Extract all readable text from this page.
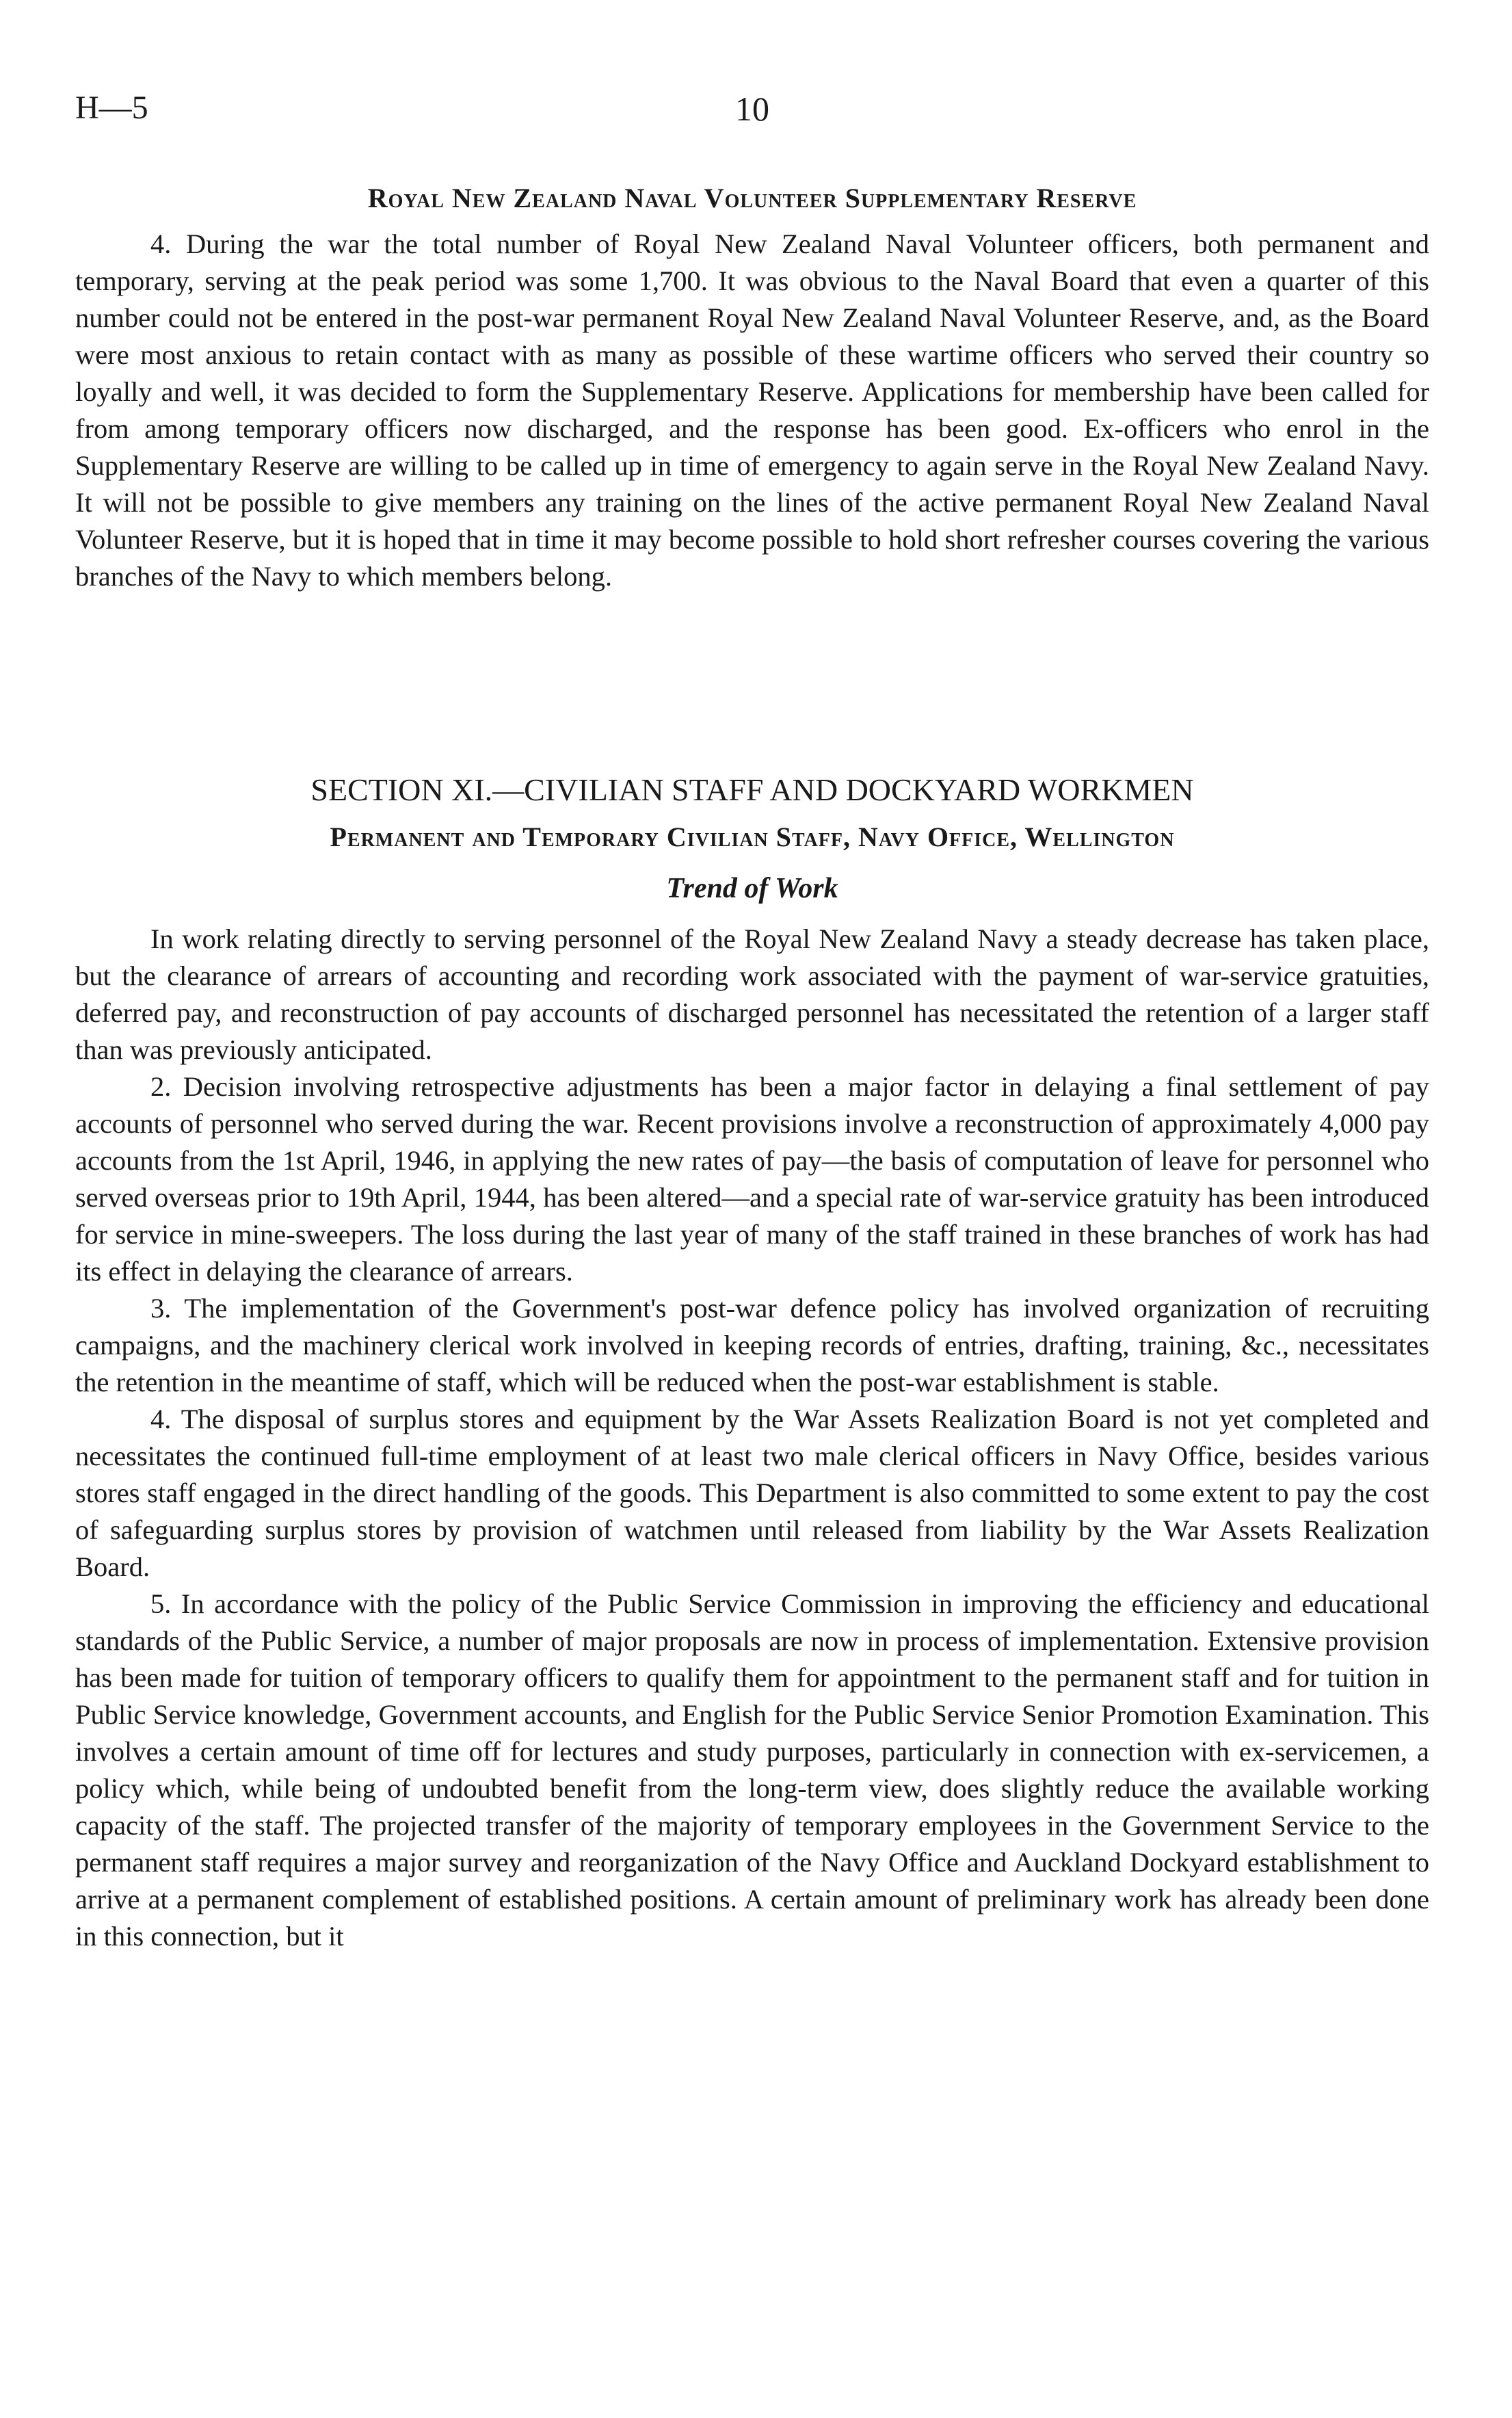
H—5	10
Royal New Zealand Naval Volunteer Supplementary Reserve

4. During the war the total number of Royal New Zealand Naval Volunteer officers, both permanent and temporary, serving at the peak period was some 1,700. It was obvious to the Naval Board that even a quarter of this number could not be entered in the post-war permanent Royal New Zealand Naval Volunteer Reserve, and, as the Board were most anxious to retain contact with as many as possible of these wartime officers who served their country so loyally and well, it was decided to form the Supplementary Reserve. Applications for membership have been called for from among temporary officers now discharged, and the response has been good. Ex-officers who enrol in the Supplementary Reserve are willing to be called up in time of emergency to again serve in the Royal New Zealand Navy. It will not be possible to give members any training on the lines of the active permanent Royal New Zealand Naval Volunteer Reserve, but it is hoped that in time it may become possible to hold short refresher courses covering the various branches of the Navy to which members belong.

SECTION XI.—CIVILIAN STAFF AND DOCKYARD WORKMEN
Permanent and Temporary Civilian Staff, Navy Office, Wellington
Trend of Work

In work relating directly to serving personnel of the Royal New Zealand Navy a steady decrease has taken place, but the clearance of arrears of accounting and recording work associated with the payment of war-service gratuities, deferred pay, and reconstruction of pay accounts of discharged personnel has necessitated the retention of a larger staff than was previously anticipated.

2. Decision involving retrospective adjustments has been a major factor in delaying a final settlement of pay accounts of personnel who served during the war. Recent provisions involve a reconstruction of approximately 4,000 pay accounts from the 1st April, 1946, in applying the new rates of pay—the basis of computation of leave for personnel who served overseas prior to 19th April, 1944, has been altered—and a special rate of war-service gratuity has been introduced for service in mine-sweepers. The loss during the last year of many of the staff trained in these branches of work has had its effect in delaying the clearance of arrears.

3. The implementation of the Government's post-war defence policy has involved organization of recruiting campaigns, and the machinery clerical work involved in keeping records of entries, drafting, training, &c., necessitates the retention in the meantime of staff, which will be reduced when the post-war establishment is stable.

4. The disposal of surplus stores and equipment by the War Assets Realization Board is not yet completed and necessitates the continued full-time employment of at least two male clerical officers in Navy Office, besides various stores staff engaged in the direct handling of the goods. This Department is also committed to some extent to pay the cost of safeguarding surplus stores by provision of watchmen until released from liability by the War Assets Realization Board.

5. In accordance with the policy of the Public Service Commission in improving the efficiency and educational standards of the Public Service, a number of major proposals are now in process of implementation. Extensive provision has been made for tuition of temporary officers to qualify them for appointment to the permanent staff and for tuition in Public Service knowledge, Government accounts, and English for the Public Service Senior Promotion Examination. This involves a certain amount of time off for lectures and study purposes, particularly in connection with ex-servicemen, a policy which, while being of undoubted benefit from the long-term view, does slightly reduce the available working capacity of the staff. The projected transfer of the majority of temporary employees in the Government Service to the permanent staff requires a major survey and reorganization of the Navy Office and Auckland Dockyard establishment to arrive at a permanent complement of established positions. A certain amount of preliminary work has already been done in this connection, but it
